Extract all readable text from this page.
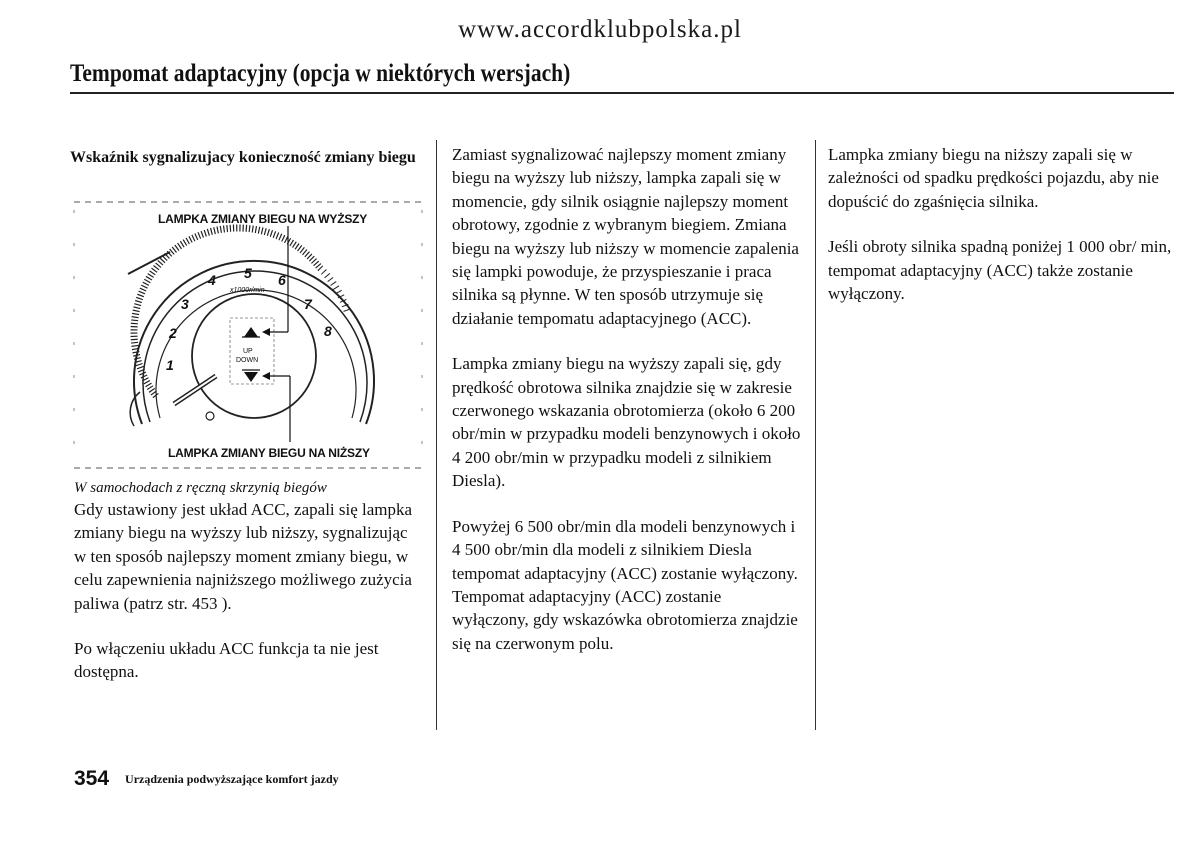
www.accordklubpolska.pl
Tempomat adaptacyjny (opcja w niektórych wersjach)
Wskaźnik sygnalizujacy konieczność zmiany biegu
1
2
3
4 5 6
7
8
x1000r/min
UP
DOWN
LAMPKA ZMIANY BIEGU NA WYŻSZY
LAMPKA ZMIANY BIEGU NA NIŻSZY
W samochodach z ręczną skrzynią biegów

Gdy ustawiony jest układ ACC, zapali się lampka zmiany biegu na wyższy lub niższy, sygnalizując w ten sposób najlepszy moment zmiany biegu, w celu zapewnienia najniższego możliwego zużycia paliwa (patrz str. 453 ).

Po włączeniu układu ACC funkcja ta nie jest dostępna.

Zamiast sygnalizować najlepszy moment zmiany biegu na wyższy lub niższy, lampka zapali się w momencie, gdy silnik osiągnie najlepszy moment obrotowy, zgodnie z wybranym biegiem. Zmiana biegu na wyższy lub niższy w momencie zapalenia się lampki powoduje, że przyspieszanie i praca silnika są płynne. W ten sposób utrzymuje się działanie tempomatu adaptacyjnego (ACC).

Lampka zmiany biegu na wyższy zapali się, gdy prędkość obrotowa silnika znajdzie się w zakresie czerwonego wskazania obrotomierza (około 6 200 obr/min w przypadku modeli benzynowych i około 4 200 obr/min w przypadku modeli z silnikiem Diesla).

Powyżej 6 500 obr/min dla modeli benzynowych i 4 500 obr/min dla modeli z silnikiem Diesla tempomat adaptacyjny (ACC) zostanie wyłączony. Tempomat adaptacyjny (ACC) zostanie wyłączony, gdy wskazówka obrotomierza znajdzie się na czerwonym polu.

Lampka zmiany biegu na niższy zapali się w zależności od spadku prędkości pojazdu, aby nie dopuścić do zgaśnięcia silnika.

Jeśli obroty silnika spadną poniżej 1 000 obr/ min, tempomat adaptacyjny (ACC) także zostanie wyłączony.

354 Urządzenia podwyższające komfort jazdy
